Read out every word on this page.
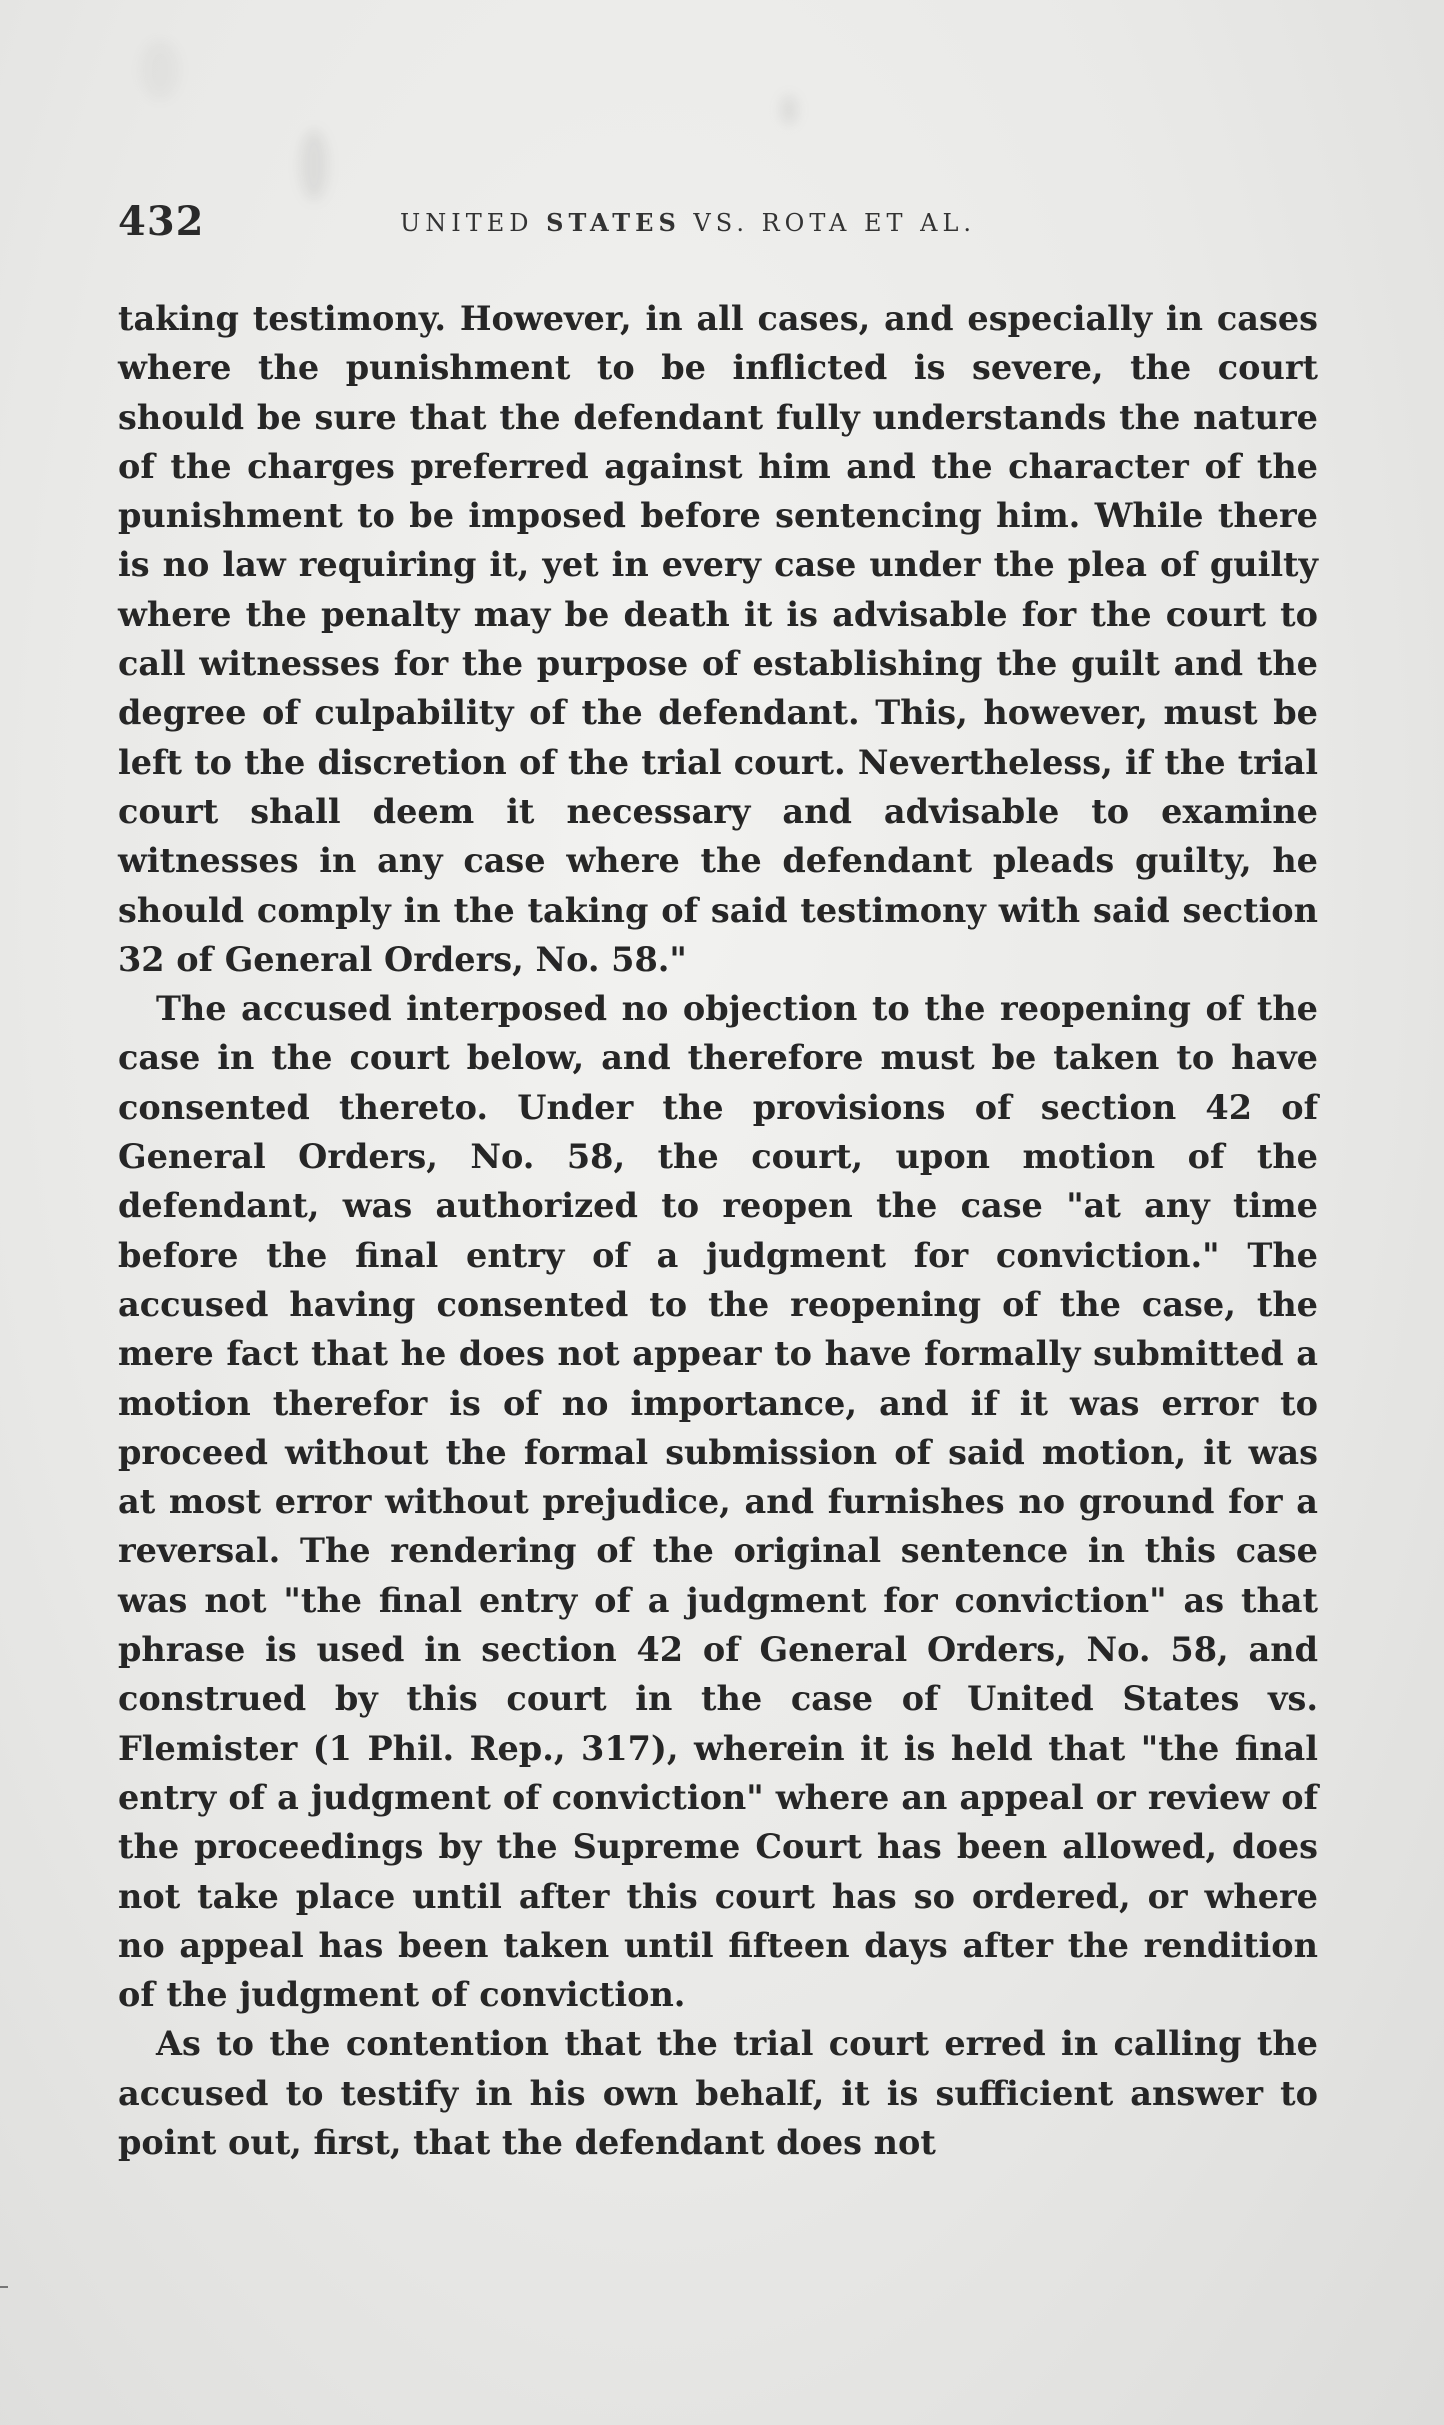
432	UNITED STATES VS. ROTA ET AL.

taking testimony. However, in all cases, and especially in cases where the punishment to be inflicted is severe, the court should be sure that the defendant fully understands the nature of the charges preferred against him and the character of the punishment to be imposed before sentencing him. While there is no law requiring it, yet in every case under the plea of guilty where the penalty may be death it is advisable for the court to call witnesses for the purpose of establishing the guilt and the degree of culpability of the defendant. This, however, must be left to the discretion of the trial court. Nevertheless, if the trial court shall deem it necessary and advisable to examine witnesses in any case where the defendant pleads guilty, he should comply in the taking of said testimony with said section 32 of General Orders, No. 58."

The accused interposed no objection to the reopening of the case in the court below, and therefore must be taken to have consented thereto. Under the provisions of section 42 of General Orders, No. 58, the court, upon motion of the defendant, was authorized to reopen the case "at any time before the final entry of a judgment for conviction." The accused having consented to the reopening of the case, the mere fact that he does not appear to have formally submitted a motion therefor is of no importance, and if it was error to proceed without the formal submission of said motion, it was at most error without prejudice, and furnishes no ground for a reversal. The rendering of the original sentence in this case was not "the final entry of a judgment for conviction" as that phrase is used in section 42 of General Orders, No. 58, and construed by this court in the case of United States vs. Flemister (1 Phil. Rep., 317), wherein it is held that "the final entry of a judgment of conviction" where an appeal or review of the proceedings by the Supreme Court has been allowed, does not take place until after this court has so ordered, or where no appeal has been taken until fifteen days after the rendition of the judgment of conviction.

As to the contention that the trial court erred in calling the accused to testify in his own behalf, it is sufficient answer to point out, first, that the defendant does not
